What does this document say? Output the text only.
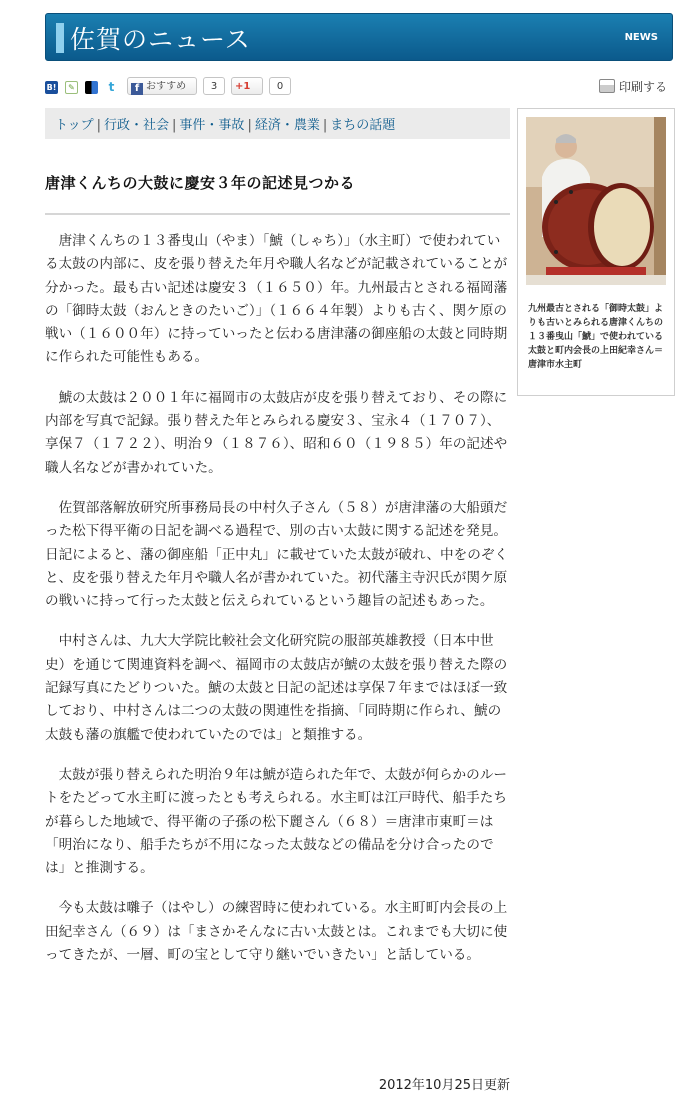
佐賀のニュース	NEWS
B!	✎	t	f おすすめ	3	+1	0	印刷する
トップ | 行政・社会 | 事件・事故 | 経済・農業 | まちの話題
唐津くんちの大鼓に慶安３年の記述見つかる

唐津くんちの１３番曳山（やま）「鯱（しゃち）」（水主町）で使われている太鼓の内部に、皮を張り替えた年月や職人名などが記載されていることが分かった。最も古い記述は慶安３（１６５０）年。九州最古とされる福岡藩の「御時太鼓（おんときのたいご）」（１６６４年製）よりも古く、関ケ原の戦い（１６００年）に持っていったと伝わる唐津藩の御座船の太鼓と同時期に作られた可能性もある。

鯱の太鼓は２００１年に福岡市の太鼓店が皮を張り替えており、その際に内部を写真で記録。張り替えた年とみられる慶安３、宝永４（１７０７）、享保７（１７２２）、明治９（１８７６）、昭和６０（１９８５）年の記述や職人名などが書かれていた。

佐賀部落解放研究所事務局長の中村久子さん（５８）が唐津藩の大船頭だった松下得平衛の日記を調べる過程で、別の古い太鼓に関する記述を発見。日記によると、藩の御座船「正中丸」に載せていた太鼓が破れ、中をのぞくと、皮を張り替えた年月や職人名が書かれていた。初代藩主寺沢氏が関ケ原の戦いに持って行った太鼓と伝えられているという趣旨の記述もあった。

中村さんは、九大大学院比較社会文化研究院の服部英雄教授（日本中世史）を通じて関連資料を調べ、福岡市の太鼓店が鯱の太鼓を張り替えた際の記録写真にたどりついた。鯱の太鼓と日記の記述は享保７年まではほぼ一致しており、中村さんは二つの太鼓の関連性を指摘、「同時期に作られ、鯱の太鼓も藩の旗艦で使われていたのでは」と類推する。

太鼓が張り替えられた明治９年は鯱が造られた年で、太鼓が何らかのルートをたどって水主町に渡ったとも考えられる。水主町は江戸時代、船手たちが暮らした地域で、得平衛の子孫の松下麗さん（６８）＝唐津市東町＝は「明治になり、船手たちが不用になった太鼓などの備品を分け合ったのでは」と推測する。

今も太鼓は囃子（はやし）の練習時に使われている。水主町町内会長の上田紀幸さん（６９）は「まさかそんなに古い太鼓とは。これまでも大切に使ってきたが、一層、町の宝として守り継いでいきたい」と話している。

2012年10月25日更新
九州最古とされる「御時太鼓」よりも古いとみられる唐津くんちの１３番曳山「鯱」で使われている太鼓と町内会長の上田紀幸さん＝唐津市水主町
